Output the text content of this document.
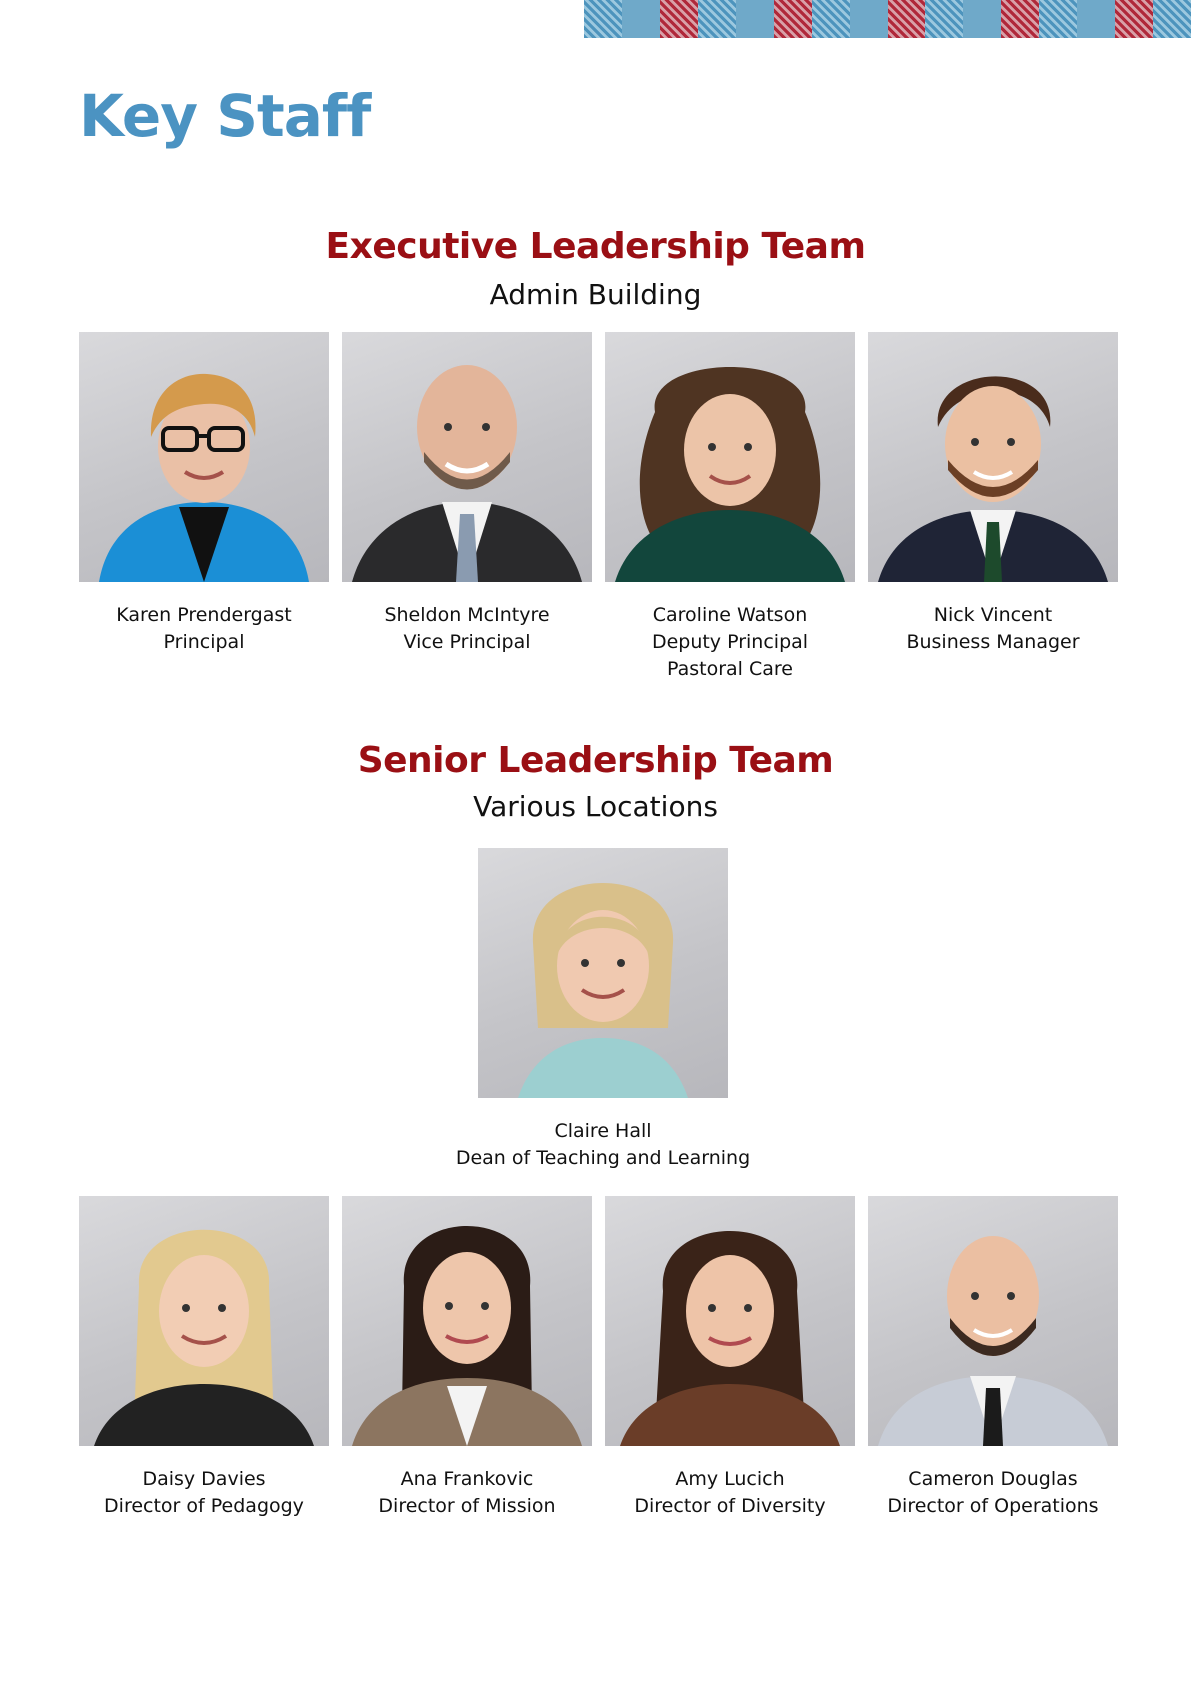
Key Staff
Executive Leadership Team

Admin Building

Karen Prendergast
Principal
Sheldon McIntyre
Vice Principal
Caroline Watson
Deputy Principal
Pastoral Care
Nick Vincent
Business Manager
Senior Leadership Team

Various Locations

Claire Hall
Dean of Teaching and Learning
Daisy Davies
Director of Pedagogy
Ana Frankovic
Director of Mission
Amy Lucich
Director of Diversity
Cameron Douglas
Director of Operations
